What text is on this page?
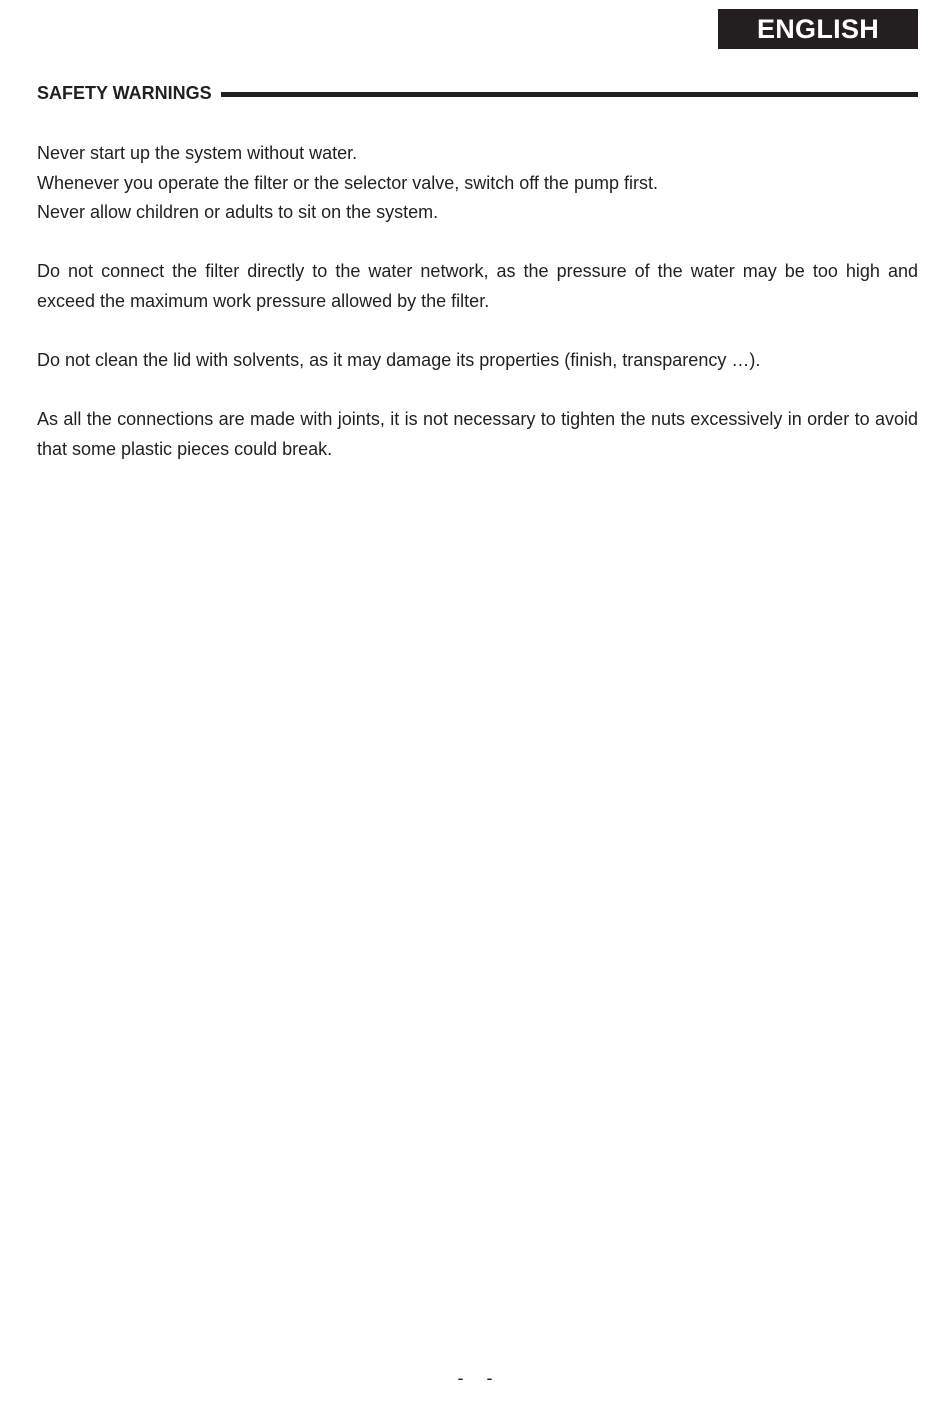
ENGLISH
SAFETY WARNINGS
Never start up the system without water.
Whenever you operate the filter or the selector valve, switch off the pump first.
Never allow children or adults to sit on the system.

Do not connect the filter directly to the water network, as the pressure of the water may be too high and exceed the maximum work pressure allowed by the filter.

Do not clean the lid with solvents, as it may damage its properties (finish, transparency …).

As all the connections are made with joints, it is not necessary to tighten the nuts excessively in order to avoid that some plastic pieces could break.

- -
